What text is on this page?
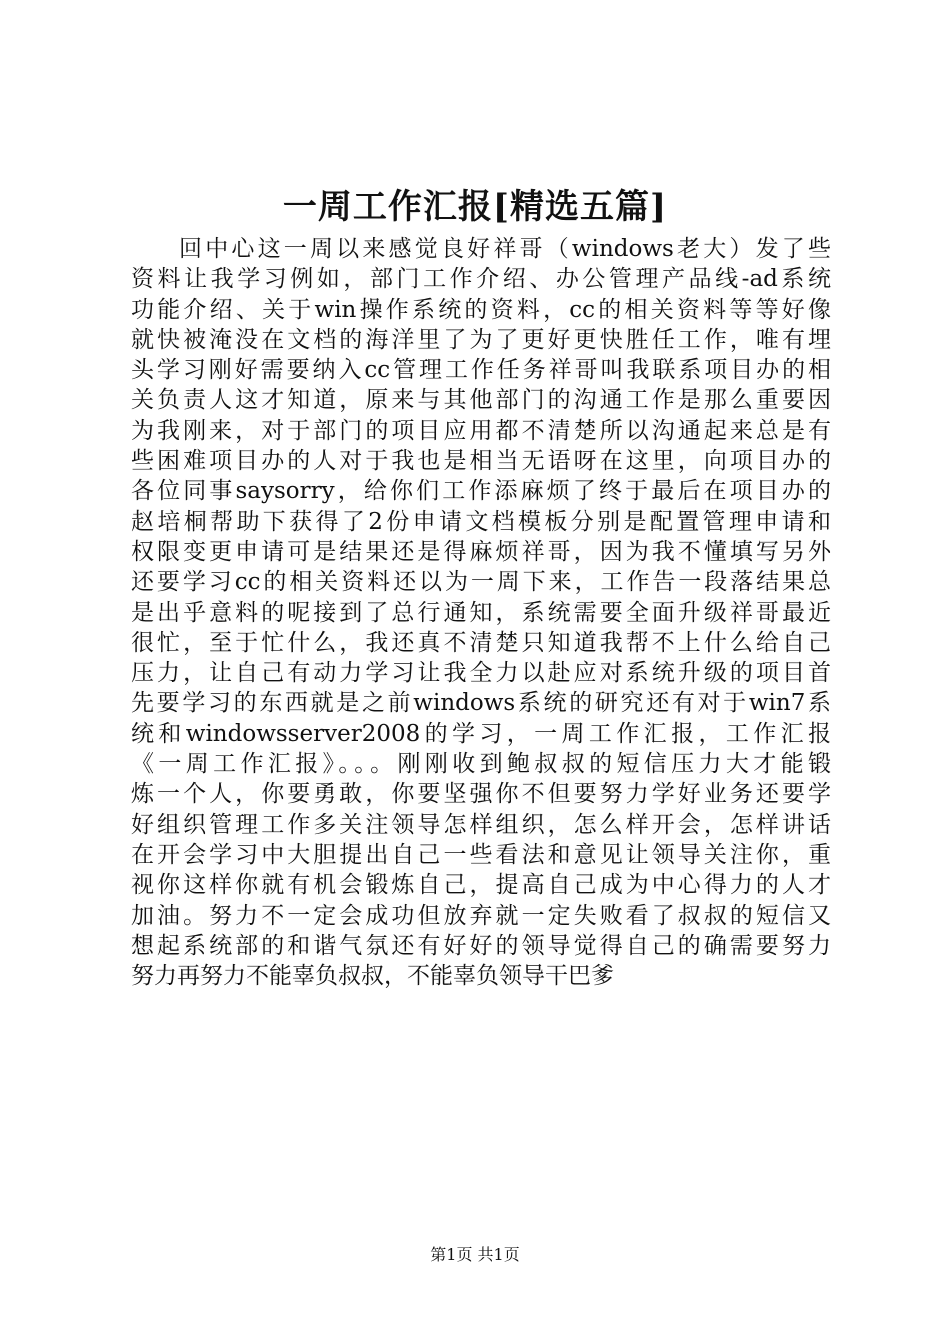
一周工作汇报[精选五篇]
回中心这一周以来感觉良好祥哥（windows老大）发了些
资料让我学习例如，部门工作介绍、办公管理产品线-ad系统
功能介绍、关于win操作系统的资料，cc的相关资料等等好像
就快被淹没在文档的海洋里了为了更好更快胜任工作，唯有埋
头学习刚好需要纳入cc管理工作任务祥哥叫我联系项目办的相
关负责人这才知道，原来与其他部门的沟通工作是那么重要因
为我刚来，对于部门的项目应用都不清楚所以沟通起来总是有
些困难项目办的人对于我也是相当无语呀在这里，向项目办的
各位同事saysorry，给你们工作添麻烦了终于最后在项目办的
赵培桐帮助下获得了2份申请文档模板分别是配置管理申请和
权限变更申请可是结果还是得麻烦祥哥，因为我不懂填写另外
还要学习cc的相关资料还以为一周下来，工作告一段落结果总
是出乎意料的呢接到了总行通知，系统需要全面升级祥哥最近
很忙，至于忙什么，我还真不清楚只知道我帮不上什么给自己
压力，让自己有动力学习让我全力以赴应对系统升级的项目首
先要学习的东西就是之前windows系统的研究还有对于win7系
统和windowsserver2008的学习，一周工作汇报，工作汇报
《一周工作汇报》。。。刚刚收到鲍叔叔的短信压力大才能锻
炼一个人，你要勇敢，你要坚强你不但要努力学好业务还要学
好组织管理工作多关注领导怎样组织，怎么样开会，怎样讲话
在开会学习中大胆提出自己一些看法和意见让领导关注你，重
视你这样你就有机会锻炼自己，提高自己成为中心得力的人才
加油。努力不一定会成功但放弃就一定失败看了叔叔的短信又
想起系统部的和谐气氛还有好好的领导觉得自己的确需要努力
努力再努力不能辜负叔叔，不能辜负领导干巴爹
第1页 共1页
